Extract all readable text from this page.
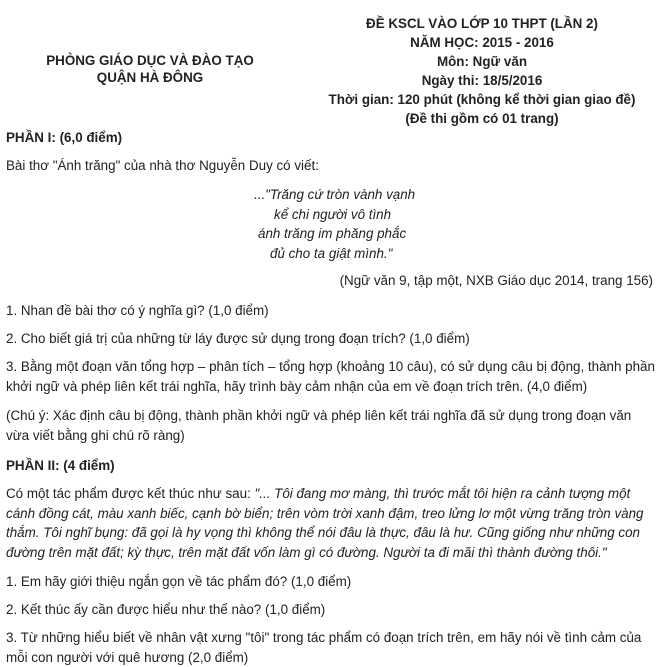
PHÒNG GIÁO DỤC VÀ ĐÀO TẠO
QUẬN HÀ ĐÔNG
ĐỀ KSCL VÀO LỚP 10 THPT (LẦN 2)
NĂM HỌC: 2015 - 2016
Môn: Ngữ văn
Ngày thi: 18/5/2016
Thời gian: 120 phút (không kể thời gian giao đề)
(Đề thi gồm có 01 trang)
PHẦN I: (6,0 điểm)
Bài thơ "Ánh trăng" của nhà thơ Nguyễn Duy có viết:
..."Trăng cứ tròn vành vạnh
kể chi người vô tình
ánh trăng im phăng phắc
đủ cho ta giật mình."
(Ngữ văn 9, tập một, NXB Giáo dục 2014, trang 156)
1. Nhan đề bài thơ có ý nghĩa gì? (1,0 điểm)
2. Cho biết giá trị của những từ láy được sử dụng trong đoạn trích? (1,0 điểm)
3. Bằng một đoạn văn tổng hợp – phân tích – tổng hợp (khoảng 10 câu), có sử dụng câu bị động, thành phần khởi ngữ và phép liên kết trái nghĩa, hãy trình bày cảm nhận của em về đoạn trích trên. (4,0 điểm)
(Chú ý: Xác định câu bị động, thành phần khởi ngữ và phép liên kết trái nghĩa đã sử dụng trong đoạn văn vừa viết bằng ghi chú rõ ràng)
PHẦN II: (4 điểm)
Có một tác phẩm được kết thúc như sau: "... Tôi đang mơ màng, thì trước mắt tôi hiện ra cảnh tượng một cánh đồng cát, màu xanh biếc, cạnh bờ biển; trên vòm trời xanh đậm, treo lửng lơ một vừng trăng tròn vàng thắm. Tôi nghĩ bụng: đã gọi là hy vọng thì không thể nói đâu là thực, đâu là hư. Cũng giống như những con đường trên mặt đất; kỳ thực, trên mặt đất vốn làm gì có đường. Người ta đi mãi thì thành đường thôi."
1. Em hãy giới thiệu ngắn gọn về tác phẩm đó? (1,0 điểm)
2. Kết thúc ấy cần được hiểu như thế nào? (1,0 điểm)
3. Từ những hiểu biết về nhân vật xưng "tôi" trong tác phẩm có đoạn trích trên, em hãy nói về tình cảm của mỗi con người với quê hương (2,0 điểm)
